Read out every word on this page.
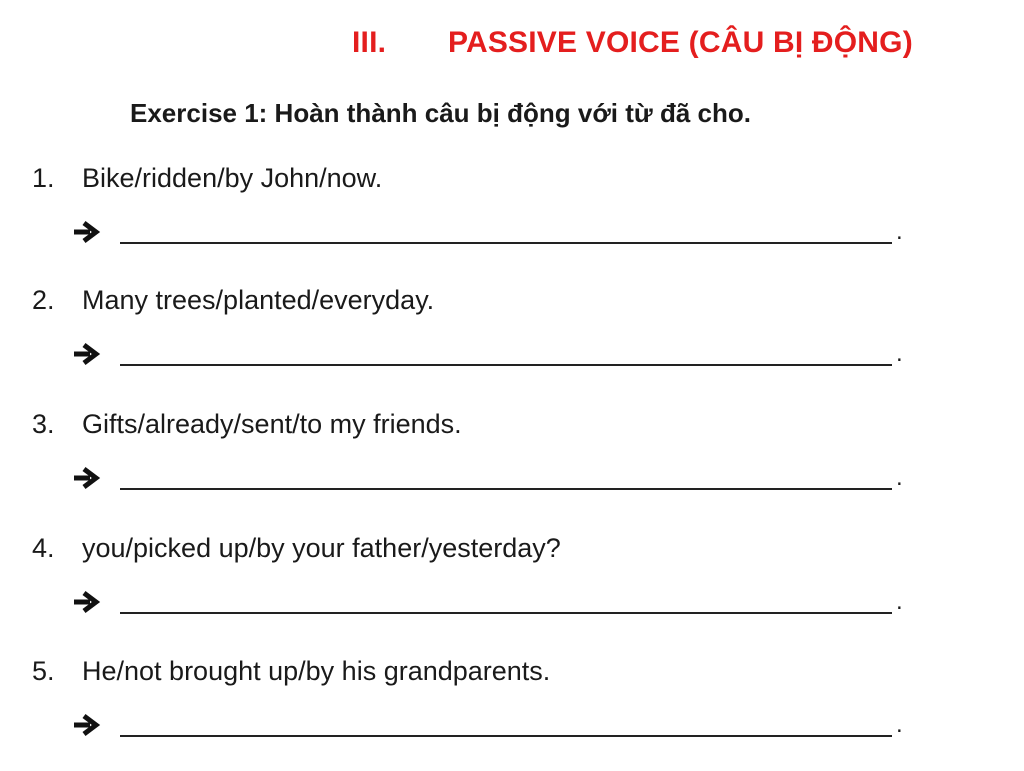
III. PASSIVE VOICE (CÂU BỊ ĐỘNG)
Exercise 1: Hoàn thành câu bị động với từ đã cho.
1. Bike/ridden/by John/now.
.
2. Many trees/planted/everyday.
.
3. Gifts/already/sent/to my friends.
.
4. you/picked up/by your father/yesterday?
.
5. He/not brought up/by his grandparents.
.
